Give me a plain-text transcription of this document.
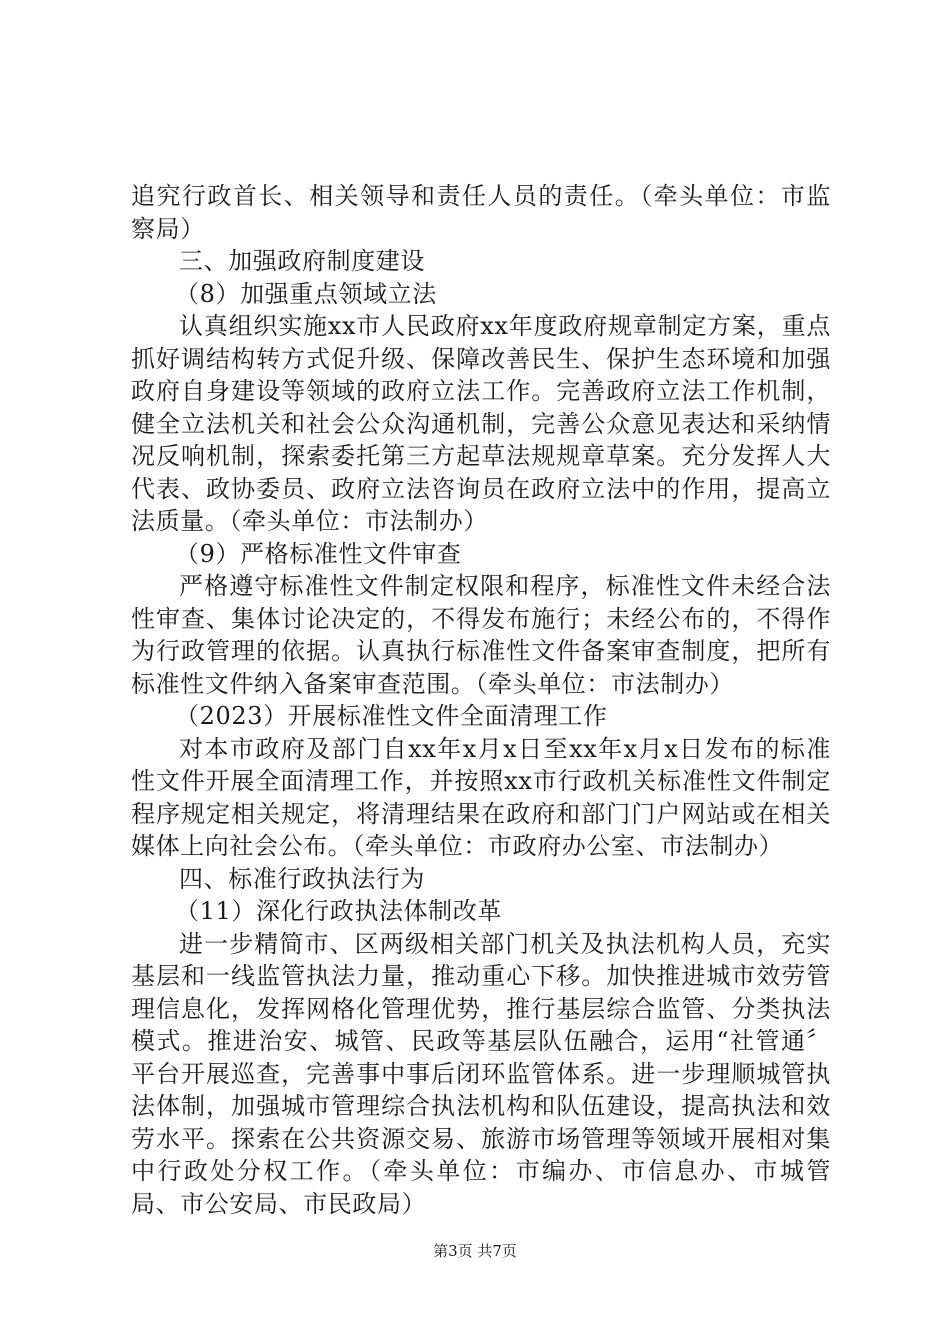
追究行政首长、相关领导和责任人员的责任。（牵头单位：市监察局）

三、加强政府制度建设

（8）加强重点领域立法

认真组织实施xx市人民政府xx年度政府规章制定方案，重点抓好调结构转方式促升级、保障改善民生、保护生态环境和加强政府自身建设等领域的政府立法工作。完善政府立法工作机制，健全立法机关和社会公众沟通机制，完善公众意见表达和采纳情况反响机制，探索委托第三方起草法规规章草案。充分发挥人大代表、政协委员、政府立法咨询员在政府立法中的作用，提高立法质量。（牵头单位：市法制办）

（9）严格标准性文件审查

严格遵守标准性文件制定权限和程序，标准性文件未经合法性审查、集体讨论决定的，不得发布施行；未经公布的，不得作为行政管理的依据。认真执行标准性文件备案审查制度，把所有标准性文件纳入备案审查范围。（牵头单位：市法制办）

（2023）开展标准性文件全面清理工作

对本市政府及部门自xx年x月x日至xx年x月x日发布的标准性文件开展全面清理工作，并按照xx市行政机关标准性文件制定程序规定相关规定，将清理结果在政府和部门门户网站或在相关媒体上向社会公布。（牵头单位：市政府办公室、市法制办）

四、标准行政执法行为

（11）深化行政执法体制改革

进一步精简市、区两级相关部门机关及执法机构人员，充实基层和一线监管执法力量，推动重心下移。加快推进城市效劳管理信息化，发挥网格化管理优势，推行基层综合监管、分类执法模式。推进治安、城管、民政等基层队伍融合，运用“社管通〞平台开展巡查，完善事中事后闭环监管体系。进一步理顺城管执法体制，加强城市管理综合执法机构和队伍建设，提高执法和效劳水平。探索在公共资源交易、旅游市场管理等领域开展相对集中行政处分权工作。（牵头单位：市编办、市信息办、市城管局、市公安局、市民政局）

第3页 共7页
